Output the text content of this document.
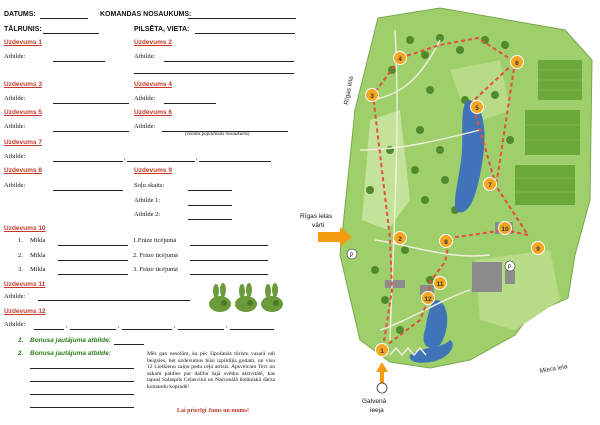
DATUMS:	KOMANDAS NOSAUKUMS:
TĀLRUNIS:	PILSĒTA, VIETA:
Uzdevums 1	Uzdevums 2
Atbilde:	Atbilde:
Uzdevums 3	Uzdevums 4
Atbilde:	Atbilde:
Uzdevums 5	Uzdevums 6
Atbilde:	Atbilde:
(vēlams papildināts nosaukums)
Uzdevums 7
Atbilde:	,	,
Uzdevums 8	Uzdevums 9
Atbilde:	Soļu skaits:
Atbilde 1:
Atbilde 2:
Uzdevums 10
1. Mīkla	1.Frāze ticējumā
2. Mīkla	2. Frāze ticējumā
3. Mīkla	3. Frāze ticējumā
Uzdevums 11
Atbilde: `
Uzdevums 12
Atbilde:	,	,	,	,
1. Bonusa jautājuma atbilde:
2. Bonusa jautājuma atbilde:	Mēs gan nesolām, ka pēc šīpošanās tūristu vasarā odi beigsies, bet uzdevumus būsi izpildījis godam, un visu 12 Lielklenu zaļņu pedu ceļu atrisis. Apsveicam Tevi un sakam paldies par dalību šajā svētku aktivitātē, kas tapusi Salaspils Ceļasvinā un Nacionālā botāniskā dārza komandu kopradē!
Lai priecīgi Jums un mums!
Rīgas iela
Miera iela
Rīgas ielas
vārti
Galvenā
ieeja
P
P
1
2
3
4
5
6
7
8
9
10
11
12
